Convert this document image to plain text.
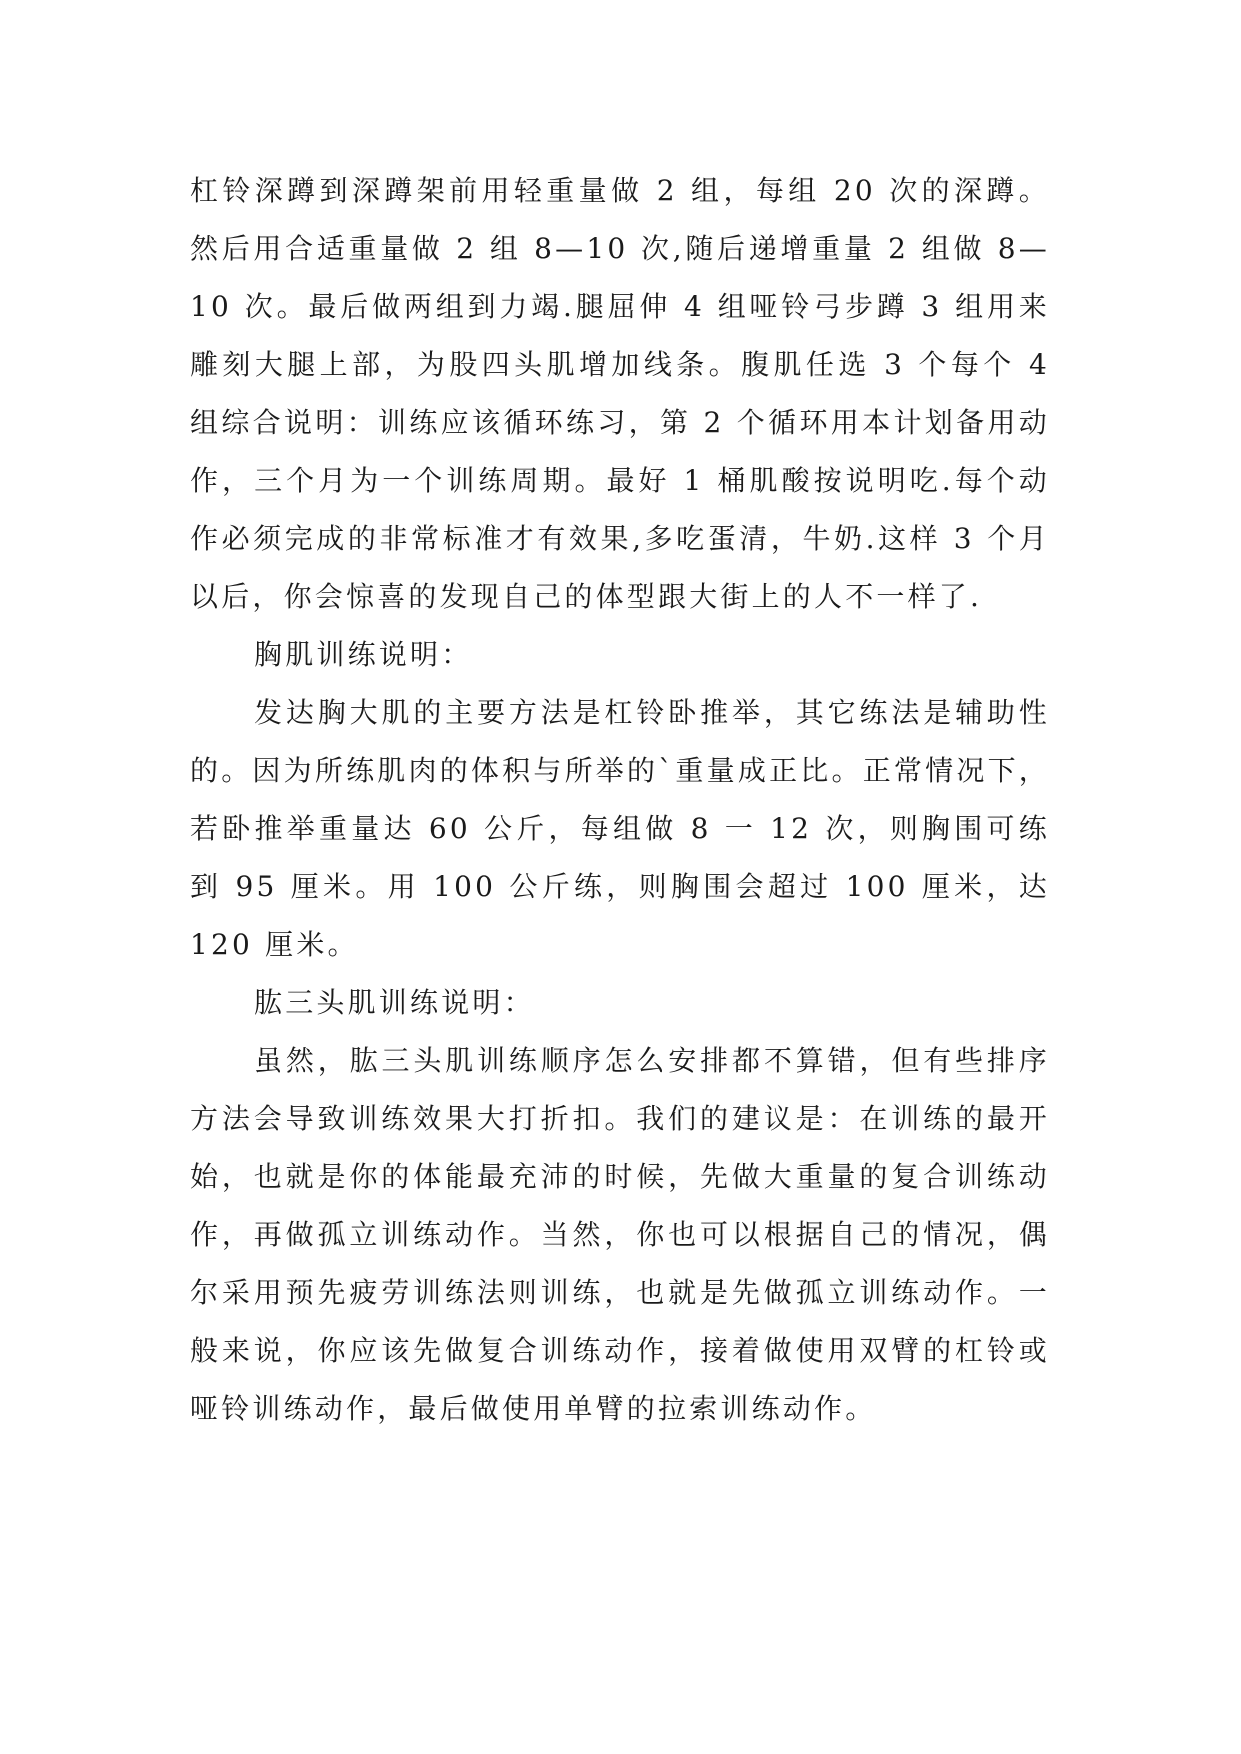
杠铃深蹲到深蹲架前用轻重量做 2 组，每组 20 次的深蹲。然后用合适重量做 2 组 8—10 次,随后递增重量 2 组做 8—10 次。最后做两组到力竭.腿屈伸 4 组哑铃弓步蹲 3 组用来雕刻大腿上部，为股四头肌增加线条。腹肌任选 3 个每个 4 组综合说明：训练应该循环练习，第 2 个循环用本计划备用动作，三个月为一个训练周期。最好 1 桶肌酸按说明吃.每个动作必须完成的非常标准才有效果,多吃蛋清，牛奶.这样 3 个月以后，你会惊喜的发现自己的体型跟大街上的人不一样了.

胸肌训练说明：

发达胸大肌的主要方法是杠铃卧推举，其它练法是辅助性的。因为所练肌肉的体积与所举的`重量成正比。正常情况下，若卧推举重量达 60 公斤，每组做 8 一 12 次，则胸围可练到 95 厘米。用 100 公斤练，则胸围会超过 100 厘米，达 120 厘米。

肱三头肌训练说明：

虽然，肱三头肌训练顺序怎么安排都不算错，但有些排序方法会导致训练效果大打折扣。我们的建议是：在训练的最开始，也就是你的体能最充沛的时候，先做大重量的复合训练动作，再做孤立训练动作。当然，你也可以根据自己的情况，偶尔采用预先疲劳训练法则训练，也就是先做孤立训练动作。一般来说，你应该先做复合训练动作，接着做使用双臂的杠铃或哑铃训练动作，最后做使用单臂的拉索训练动作。
